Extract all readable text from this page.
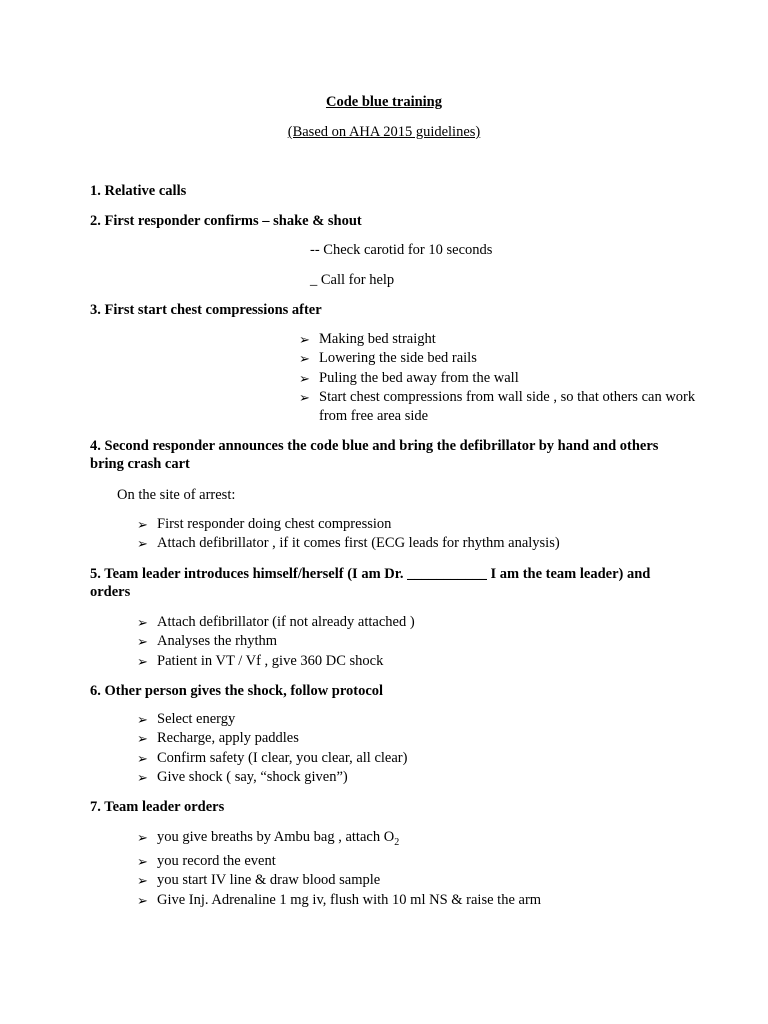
Code blue training
(Based on AHA 2015 guidelines)
1. Relative calls
2. First responder confirms – shake & shout
-- Check carotid for 10 seconds
_ Call for help
3. First start chest compressions after
➢ Making bed straight
➢ Lowering the side bed rails
➢ Puling the bed away from the wall
➢ Start chest compressions from wall side , so that others can work from free area side
4. Second responder announces the code blue and bring the defibrillator by hand and others bring crash cart
On the site of arrest:
➢ First responder doing chest compression
➢ Attach defibrillator , if it comes first (ECG leads for rhythm analysis)
5. Team leader introduces himself/herself (I am Dr. ___________ I am the team leader) and orders
➢ Attach defibrillator (if not already attached )
➢ Analyses the rhythm
➢ Patient in VT / Vf , give 360 DC shock
6. Other person gives the shock, follow protocol
➢ Select energy
➢ Recharge, apply paddles
➢ Confirm safety (I clear, you clear, all clear)
➢ Give shock ( say, “shock given”)
7. Team leader orders
➢ you give breaths by Ambu bag , attach $O_2$
➢ you record the event
➢ you start IV line & draw blood sample
➢ Give Inj. Adrenaline 1 mg iv, flush with 10 ml NS & raise the arm
